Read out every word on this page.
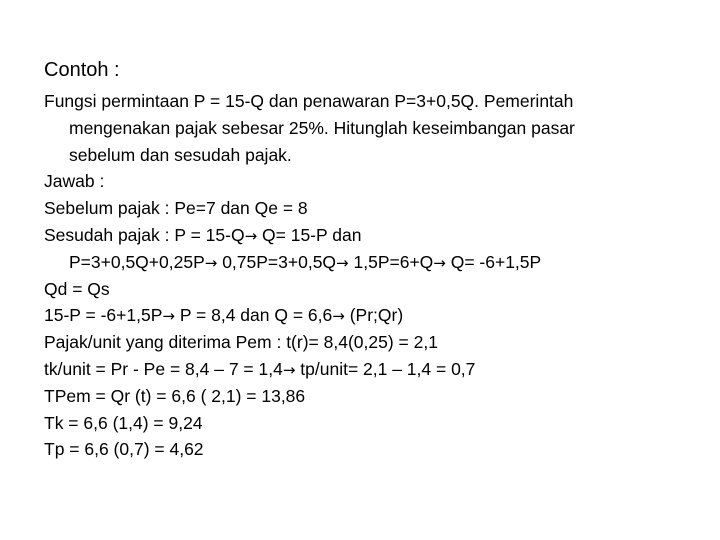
Contoh :
Fungsi permintaan P = 15-Q dan penawaran P=3+0,5Q. Pemerintah
mengenakan pajak sebesar 25%. Hitunglah keseimbangan pasar
sebelum dan sesudah pajak.
Jawab :
Sebelum pajak : Pe=7 dan Qe = 8
Sesudah pajak : P = 15-Q→ Q= 15-P dan
P=3+0,5Q+0,25P→ 0,75P=3+0,5Q→ 1,5P=6+Q→ Q= -6+1,5P
Qd = Qs
15-P = -6+1,5P→ P = 8,4 dan Q = 6,6→ (Pr;Qr)
Pajak/unit yang diterima Pem : t(r)= 8,4(0,25) = 2,1
tk/unit = Pr - Pe = 8,4 – 7 = 1,4→ tp/unit= 2,1 – 1,4 = 0,7
TPem = Qr (t) = 6,6 ( 2,1) = 13,86
Tk = 6,6 (1,4) = 9,24
Tp = 6,6 (0,7) = 4,62
